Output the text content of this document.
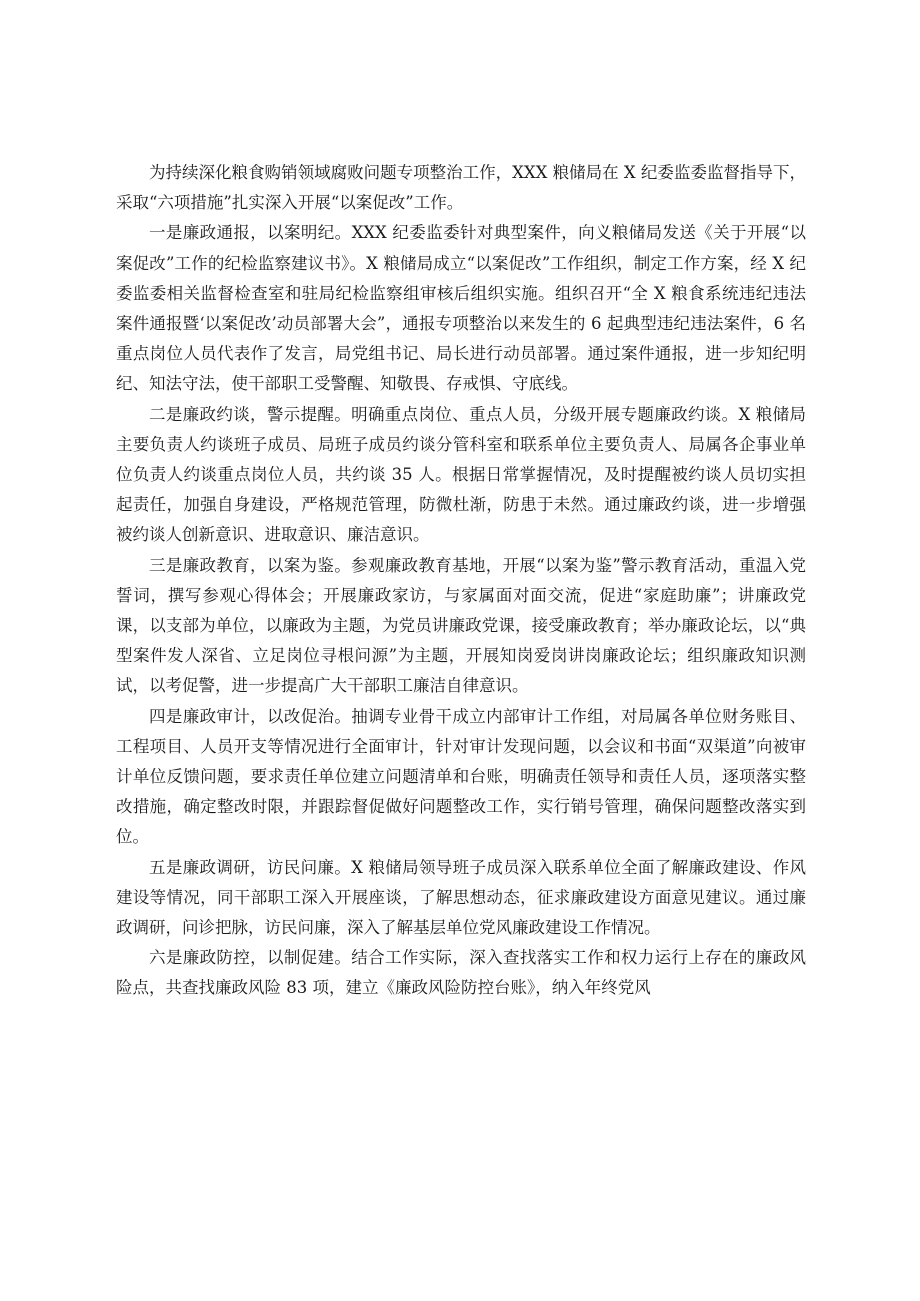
为持续深化粮食购销领域腐败问题专项整治工作，XXX 粮储局在 X 纪委监委监督指导下，采取“六项措施”扎实深入开展“以案促改”工作。

一是廉政通报，以案明纪。XXX 纪委监委针对典型案件，向义粮储局发送《关于开展“以案促改”工作的纪检监察建议书》。X 粮储局成立“以案促改”工作组织，制定工作方案，经 X 纪委监委相关监督检查室和驻局纪检监察组审核后组织实施。组织召开“全 X 粮食系统违纪违法案件通报暨‘以案促改’动员部署大会”，通报专项整治以来发生的 6 起典型违纪违法案件，6 名重点岗位人员代表作了发言，局党组书记、局长进行动员部署。通过案件通报，进一步知纪明纪、知法守法，使干部职工受警醒、知敬畏、存戒惧、守底线。

二是廉政约谈，警示提醒。明确重点岗位、重点人员，分级开展专题廉政约谈。X 粮储局主要负责人约谈班子成员、局班子成员约谈分管科室和联系单位主要负责人、局属各企事业单位负责人约谈重点岗位人员，共约谈 35 人。根据日常掌握情况，及时提醒被约谈人员切实担起责任，加强自身建设，严格规范管理，防微杜渐，防患于未然。通过廉政约谈，进一步增强被约谈人创新意识、进取意识、廉洁意识。

三是廉政教育，以案为鉴。参观廉政教育基地，开展“以案为鉴”警示教育活动，重温入党誓词，撰写参观心得体会；开展廉政家访，与家属面对面交流，促进“家庭助廉”；讲廉政党课，以支部为单位，以廉政为主题，为党员讲廉政党课，接受廉政教育；举办廉政论坛，以“典型案件发人深省、立足岗位寻根问源”为主题，开展知岗爱岗讲岗廉政论坛；组织廉政知识测试，以考促警，进一步提高广大干部职工廉洁自律意识。

四是廉政审计，以改促治。抽调专业骨干成立内部审计工作组，对局属各单位财务账目、工程项目、人员开支等情况进行全面审计，针对审计发现问题，以会议和书面“双渠道”向被审计单位反馈问题，要求责任单位建立问题清单和台账，明确责任领导和责任人员，逐项落实整改措施，确定整改时限，并跟踪督促做好问题整改工作，实行销号管理，确保问题整改落实到位。

五是廉政调研，访民问廉。X 粮储局领导班子成员深入联系单位全面了解廉政建设、作风建设等情况，同干部职工深入开展座谈，了解思想动态，征求廉政建设方面意见建议。通过廉政调研，问诊把脉，访民问廉，深入了解基层单位党风廉政建设工作情况。

六是廉政防控，以制促建。结合工作实际，深入查找落实工作和权力运行上存在的廉政风险点，共查找廉政风险 83 项，建立《廉政风险防控台账》，纳入年终党风
